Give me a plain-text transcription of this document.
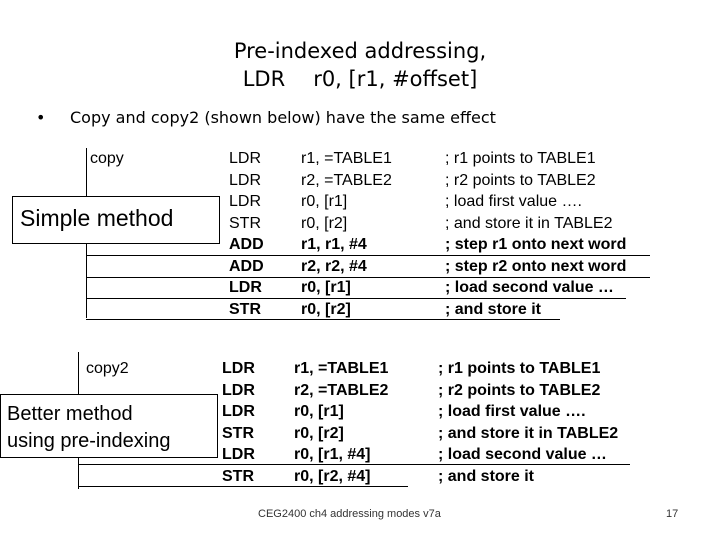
Pre-indexed addressing,
LDR r0, [r1, #offset]
• Copy and copy2 (shown below) have the same effect
copy
Simple method
LDR r1, =TABLE1	; r1 points to TABLE1
LDR r2, =TABLE2	; r2 points to TABLE2
LDR r0, [r1]	; load first value ….
STR	r0, [r2]	; and store it in TABLE2
ADD r1, r1, #4	; step r1 onto next word
ADD r2, r2, #4	; step r2 onto next word
LDR r0, [r1]	; load second value …
STR	r0, [r2]	; and store it
copy2
Better method
using pre-indexing
LDR r1, =TABLE1	; r1 points to TABLE1
LDR r2, =TABLE2	; r2 points to TABLE2
LDR r0, [r1]	; load first value ….
STR	r0, [r2]	; and store it in TABLE2
LDR r0, [r1, #4]	; load second value …
STR	r0, [r2, #4]	; and store it
CEG2400 ch4 addressing modes v7a	17
